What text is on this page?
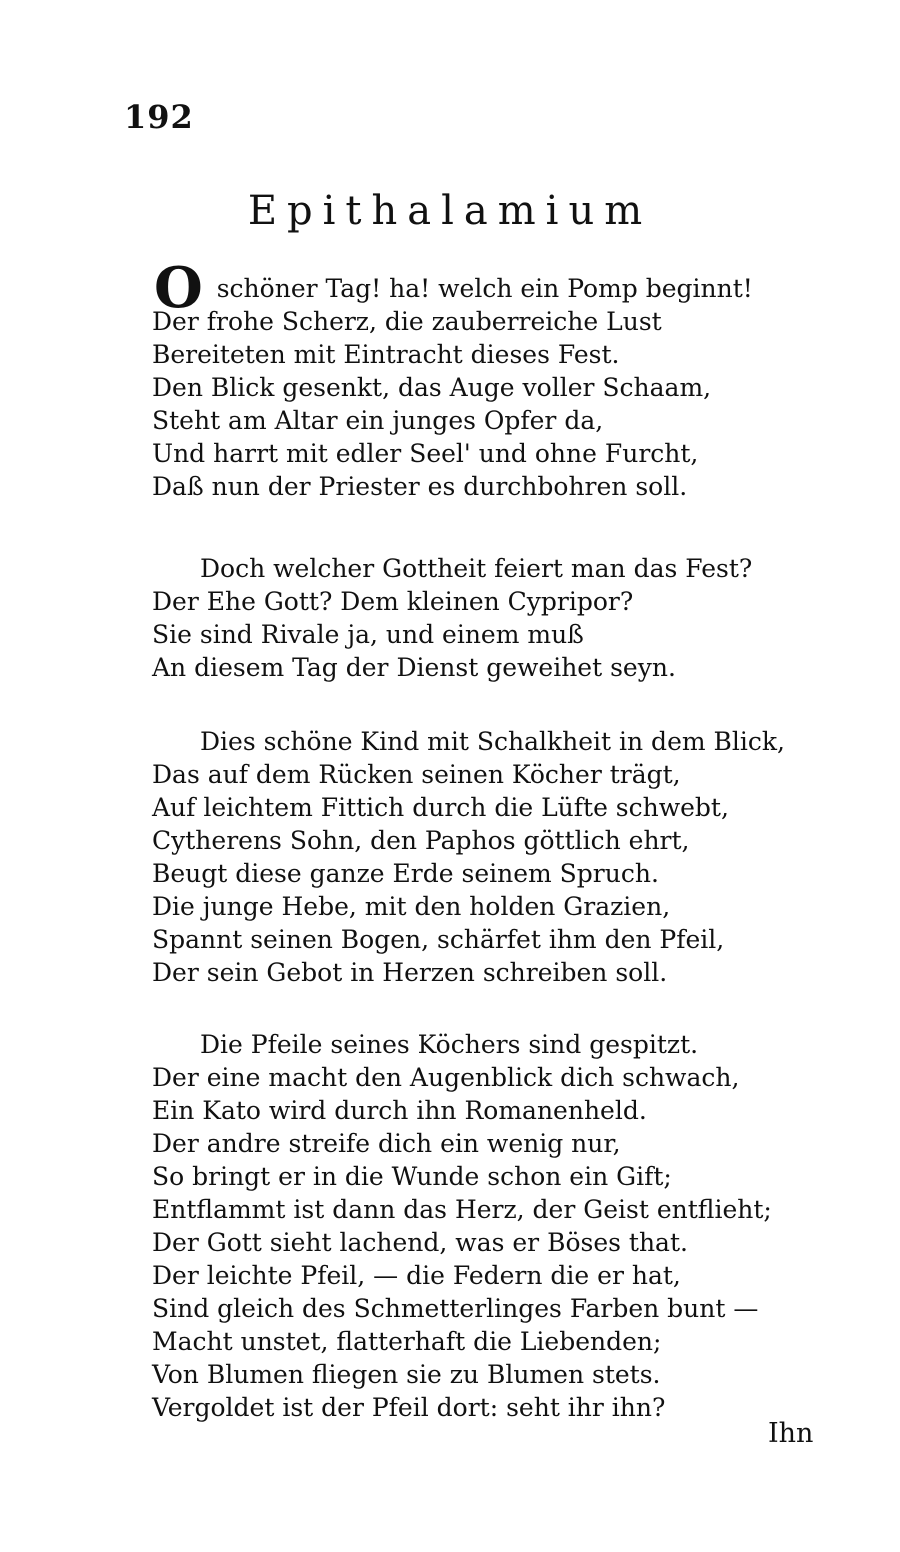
192
Epithalamium
O schöner Tag! ha! welch ein Pomp beginnt!
Der frohe Scherz, die zauberreiche Lust
Bereiteten mit Eintracht dieses Fest.
Den Blick gesenkt, das Auge voller Schaam,
Steht am Altar ein junges Opfer da,
Und harrt mit edler Seel' und ohne Furcht,
Daß nun der Priester es durchbohren soll.
Doch welcher Gottheit feiert man das Fest?
Der Ehe Gott? Dem kleinen Cypripor?
Sie sind Rivale ja, und einem muß
An diesem Tag der Dienst geweihet seyn.
Dies schöne Kind mit Schalkheit in dem Blick,
Das auf dem Rücken seinen Köcher trägt,
Auf leichtem Fittich durch die Lüfte schwebt,
Cytherens Sohn, den Paphos göttlich ehrt,
Beugt diese ganze Erde seinem Spruch.
Die junge Hebe, mit den holden Grazien,
Spannt seinen Bogen, schärfet ihm den Pfeil,
Der sein Gebot in Herzen schreiben soll.
Die Pfeile seines Köchers sind gespitzt.
Der eine macht den Augenblick dich schwach,
Ein Kato wird durch ihn Romanenheld.
Der andre streife dich ein wenig nur,
So bringt er in die Wunde schon ein Gift;
Entflammt ist dann das Herz, der Geist entflieht;
Der Gott sieht lachend, was er Böses that.
Der leichte Pfeil, — die Federn die er hat,
Sind gleich des Schmetterlinges Farben bunt —
Macht unstet, flatterhaft die Liebenden;
Von Blumen fliegen sie zu Blumen stets.
Vergoldet ist der Pfeil dort: seht ihr ihn?
Ihn
